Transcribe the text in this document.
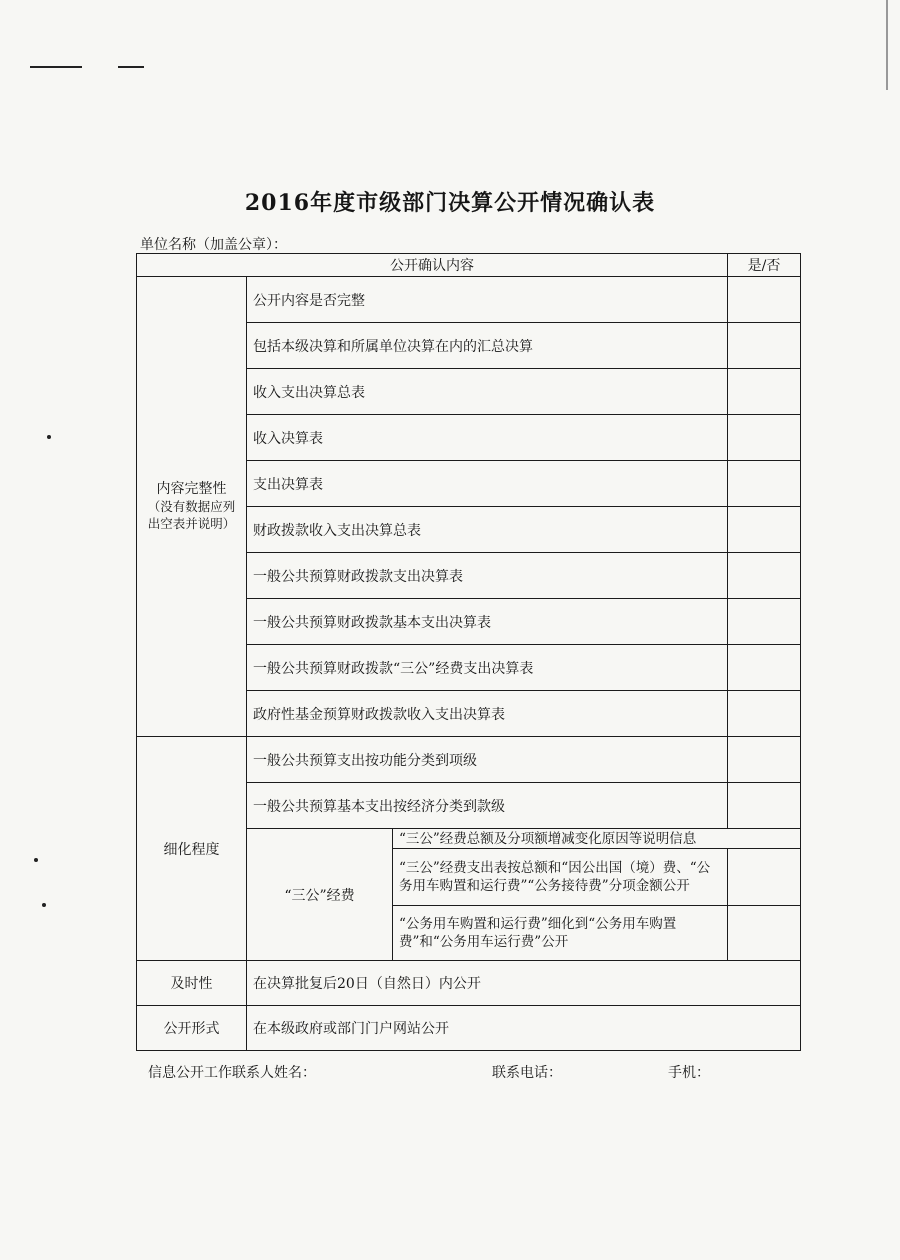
2016年度市级部门决算公开情况确认表
单位名称（加盖公章）：
公开确认内容			是/否
内容完整性
（没有数据应列出空表并说明）	公开内容是否完整		
	包括本级决算和所属单位决算在内的汇总决算		
	收入支出决算总表		
	收入决算表		
	支出决算表		
	财政拨款收入支出决算总表		
	一般公共预算财政拨款支出决算表		
	一般公共预算财政拨款基本支出决算表		
	一般公共预算财政拨款“三公”经费支出决算表		
	政府性基金预算财政拨款收入支出决算表		
细化程度	一般公共预算支出按功能分类到项级		
	一般公共预算基本支出按经济分类到款级		
	“三公”经费	“三公”经费总额及分项额增减变化原因等说明信息	
		“三公”经费支出表按总额和“因公出国（境）费、“公务用车购置和运行费”“公务接待费”分项金额公开	
		“公务用车购置和运行费”细化到“公务用车购置费”和“公务用车运行费”公开	
及时性	在决算批复后20日（自然日）内公开		
公开形式	在本级政府或部门门户网站公开		
信息公开工作联系人姓名：	联系电话：	手机：
